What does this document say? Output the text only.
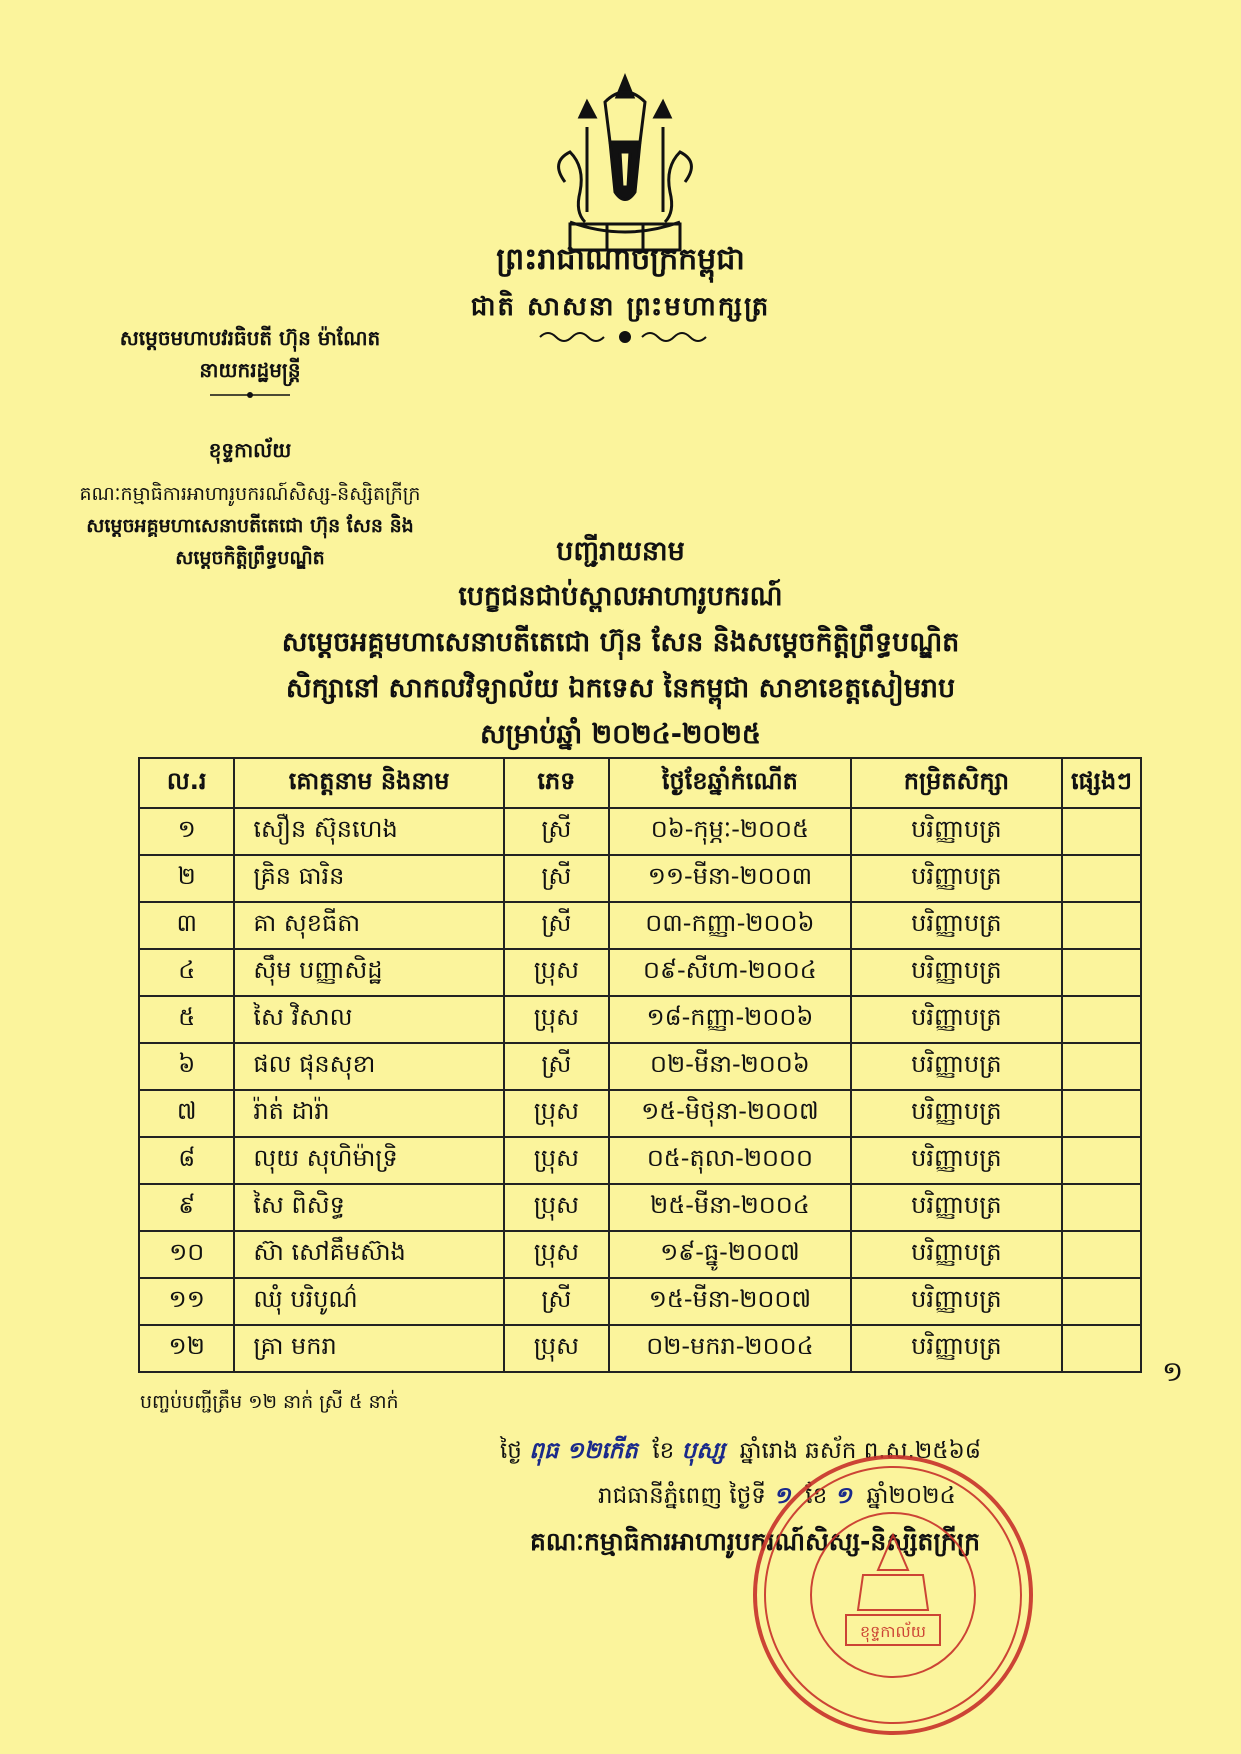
ព្រះរាជាណាចក្រកម្ពុជា
ជាតិ សាសនា ព្រះមហាក្សត្រ
សម្តេចមហាបវរធិបតី ហ៊ុន ម៉ាណែត
នាយករដ្ឋមន្ត្រី
ខុទ្ទកាល័យ
គណៈកម្មាធិការអាហារូបករណ៍សិស្ស-និស្សិតក្រីក្រ
សម្តេចអគ្គមហាសេនាបតីតេជោ ហ៊ុន សែន និង
សម្តេចកិត្តិព្រឹទ្ធបណ្ឌិត	បញ្ជីរាយនាម
បេក្ខជនជាប់ស្ពាលអាហារូបករណ៍
សម្តេចអគ្គមហាសេនាបតីតេជោ ហ៊ុន សែន និងសម្តេចកិត្តិព្រឹទ្ធបណ្ឌិត
សិក្សានៅ សាកលវិទ្យាល័យ ឯកទេស នៃកម្ពុជា សាខាខេត្តសៀមរាប
សម្រាប់ឆ្នាំ ២០២៤-២០២៥
ល.រ	គោត្តនាម និងនាម	ភេទ	ថ្ងៃខែឆ្នាំកំណើត	កម្រិតសិក្សា	ផ្សេងៗ
១	សឿន ស៊ុនហេង	ស្រី	០៦-កុម្ភៈ-២០០៥	បរិញ្ញាបត្រ	
២	គ្រិន ធារិន	ស្រី	១១-មីនា-២០០៣	បរិញ្ញាបត្រ	
៣	គា សុខធីតា	ស្រី	០៣-កញ្ញា-២០០៦	បរិញ្ញាបត្រ	
៤	ស៊ឹម បញ្ញាសិដ្ឋ	ប្រុស	០៩-សីហា-២០០៤	បរិញ្ញាបត្រ	
៥	សៃ វិសាល	ប្រុស	១៨-កញ្ញា-២០០៦	បរិញ្ញាបត្រ	
៦	ផល ផុនសុខា	ស្រី	០២-មីនា-២០០៦	បរិញ្ញាបត្រ	
៧	រ៉ាត់ ដារ៉ា	ប្រុស	១៥-មិថុនា-២០០៧	បរិញ្ញាបត្រ	
៨	លុយ សុហិម៉ាទ្រិ	ប្រុស	០៥-តុលា-២០០០	បរិញ្ញាបត្រ	
៩	សៃ ពិសិទ្ធ	ប្រុស	២៥-មីនា-២០០៤	បរិញ្ញាបត្រ	
១០	ស៊ា សៅគឹមស៊ាង	ប្រុស	១៩-ធ្នូ-២០០៧	បរិញ្ញាបត្រ	
១១	ឈុំ បរិបូណ៌	ស្រី	១៥-មីនា-២០០៧	បរិញ្ញាបត្រ	
១២	គ្រា មករា	ប្រុស	០២-មករា-២០០៤	បរិញ្ញាបត្រ	
បញ្ចប់បញ្ជីត្រឹម ១២ នាក់ ស្រី ៥ នាក់
១
ថ្ងៃ ពុធ ១២កើត ខែ បុស្ស ឆ្នាំរោង ឆស័ក ព.ស.២៥៦៨
រាជធានីភ្នំពេញ ថ្ងៃទី ១ ខែ ១ ឆ្នាំ២០២៤
គណៈកម្មាធិការអាហារូបករណ៍សិស្ស-និស្សិតក្រីក្រ
ខុទ្ទកាល័យ
